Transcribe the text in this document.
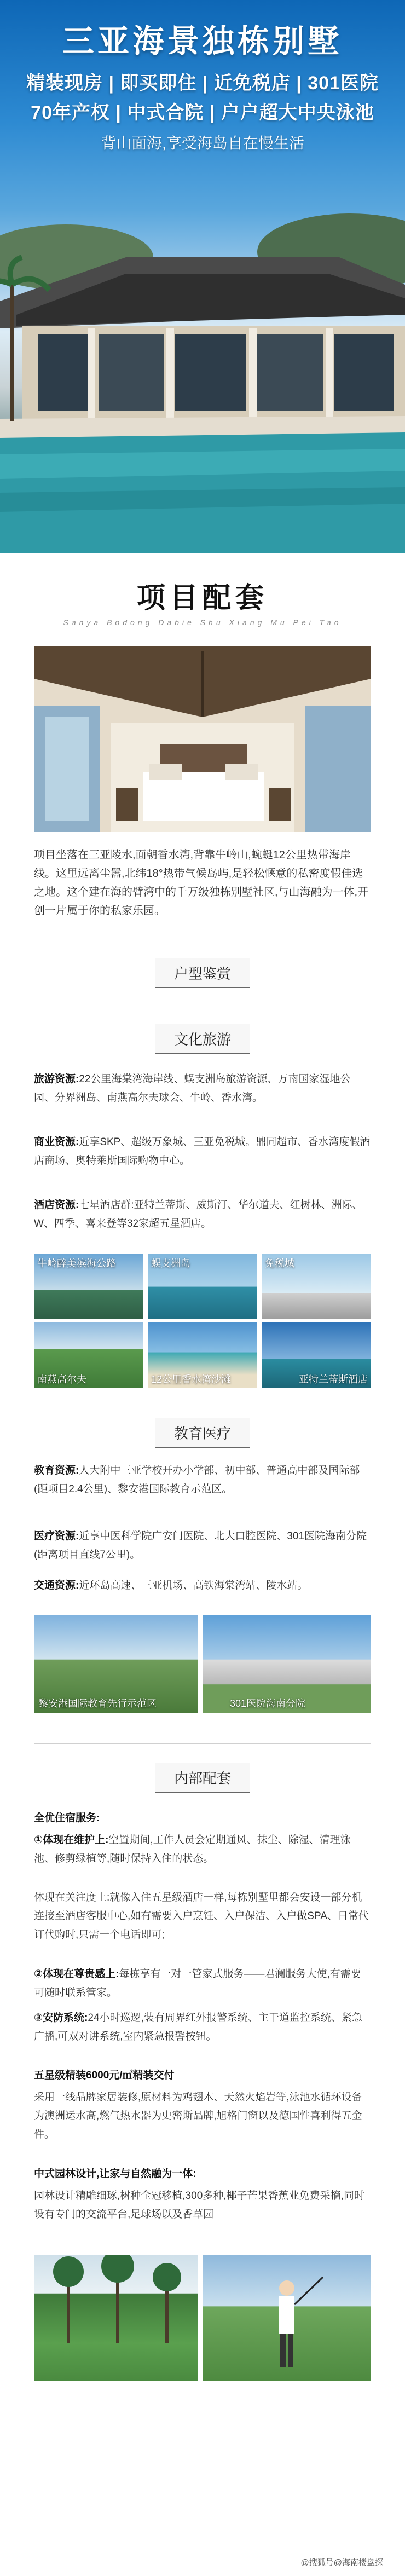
三亚海景独栋别墅
精装现房 | 即买即住 | 近免税店 | 301医院
70年产权 | 中式合院 | 户户超大中央泳池
背山面海,享受海岛自在慢生活
项目配套
Sanya Bodong Dabie Shu Xiang Mu Pei Tao
项目坐落在三亚陵水,面朝香水湾,背靠牛岭山,蜿蜒12公里热带海岸线。这里远离尘嚣,北纬18°热带气候岛屿,是轻松惬意的私密度假佳选之地。这个建在海的臂湾中的千万级独栋别墅社区,与山海融为一体,开创一片属于你的私家乐园。
户型鉴赏
文化旅游
旅游资源:22公里海棠湾海岸线、蜈支洲岛旅游资源、万南国家湿地公园、分界洲岛、南燕高尔夫球会、牛岭、香水湾。
商业资源:近享SKP、超级万象城、三亚免税城。鼎同超市、香水湾度假酒店商场、奥特莱斯国际购物中心。
酒店资源:七星酒店群:亚特兰蒂斯、威斯汀、华尔道夫、红树林、洲际、W、四季、喜来登等32家超五星酒店。
牛岭醉美滨海公路	蜈支洲岛	免税城
南燕高尔夫	12公里香水湾沙滩	亚特兰蒂斯酒店
教育医疗
教育资源:人大附中三亚学校开办小学部、初中部、普通高中部及国际部(距项目2.4公里)、黎安港国际教育示范区。
医疗资源:近享中医科学院广安门医院、北大口腔医院、301医院海南分院(距离项目直线7公里)。
交通资源:近环岛高速、三亚机场、高铁海棠湾站、陵水站。
黎安港国际教育先行示范区	301医院海南分院
内部配套
全优住宿服务:
①体现在维护上:空置期间,工作人员会定期通风、抹尘、除湿、清理泳池、修剪绿植等,随时保持入住的状态。
体现在关注度上:就像入住五星级酒店一样,每栋别墅里都会安设一部分机连接至酒店客服中心,如有需要入户烹饪、入户保洁、入户做SPA、日常代订代购时,只需一个电话即可;
②体现在尊贵感上:每栋享有一对一管家式服务——君澜服务大使,有需要可随时联系管家。
③安防系统:24小时巡逻,装有周界红外报警系统、主干道监控系统、紧急广播,可双对讲系统,室内紧急报警按钮。
五星级精装6000元/㎡精装交付
采用一线品牌家居装修,原材料为鸡翅木、天然火焰岩等,泳池水循环设备为澳洲运水高,燃气热水器为史密斯品牌,旭格门窗以及德国性喜利得五金件。
中式园林设计,让家与自然融为一体:
园林设计精雕细琢,树种全冠移植,300多种,椰子芒果香蕉业免费采摘,同时设有专门的交流平台,足球场以及香草园
@搜狐号@海南楼盘探
